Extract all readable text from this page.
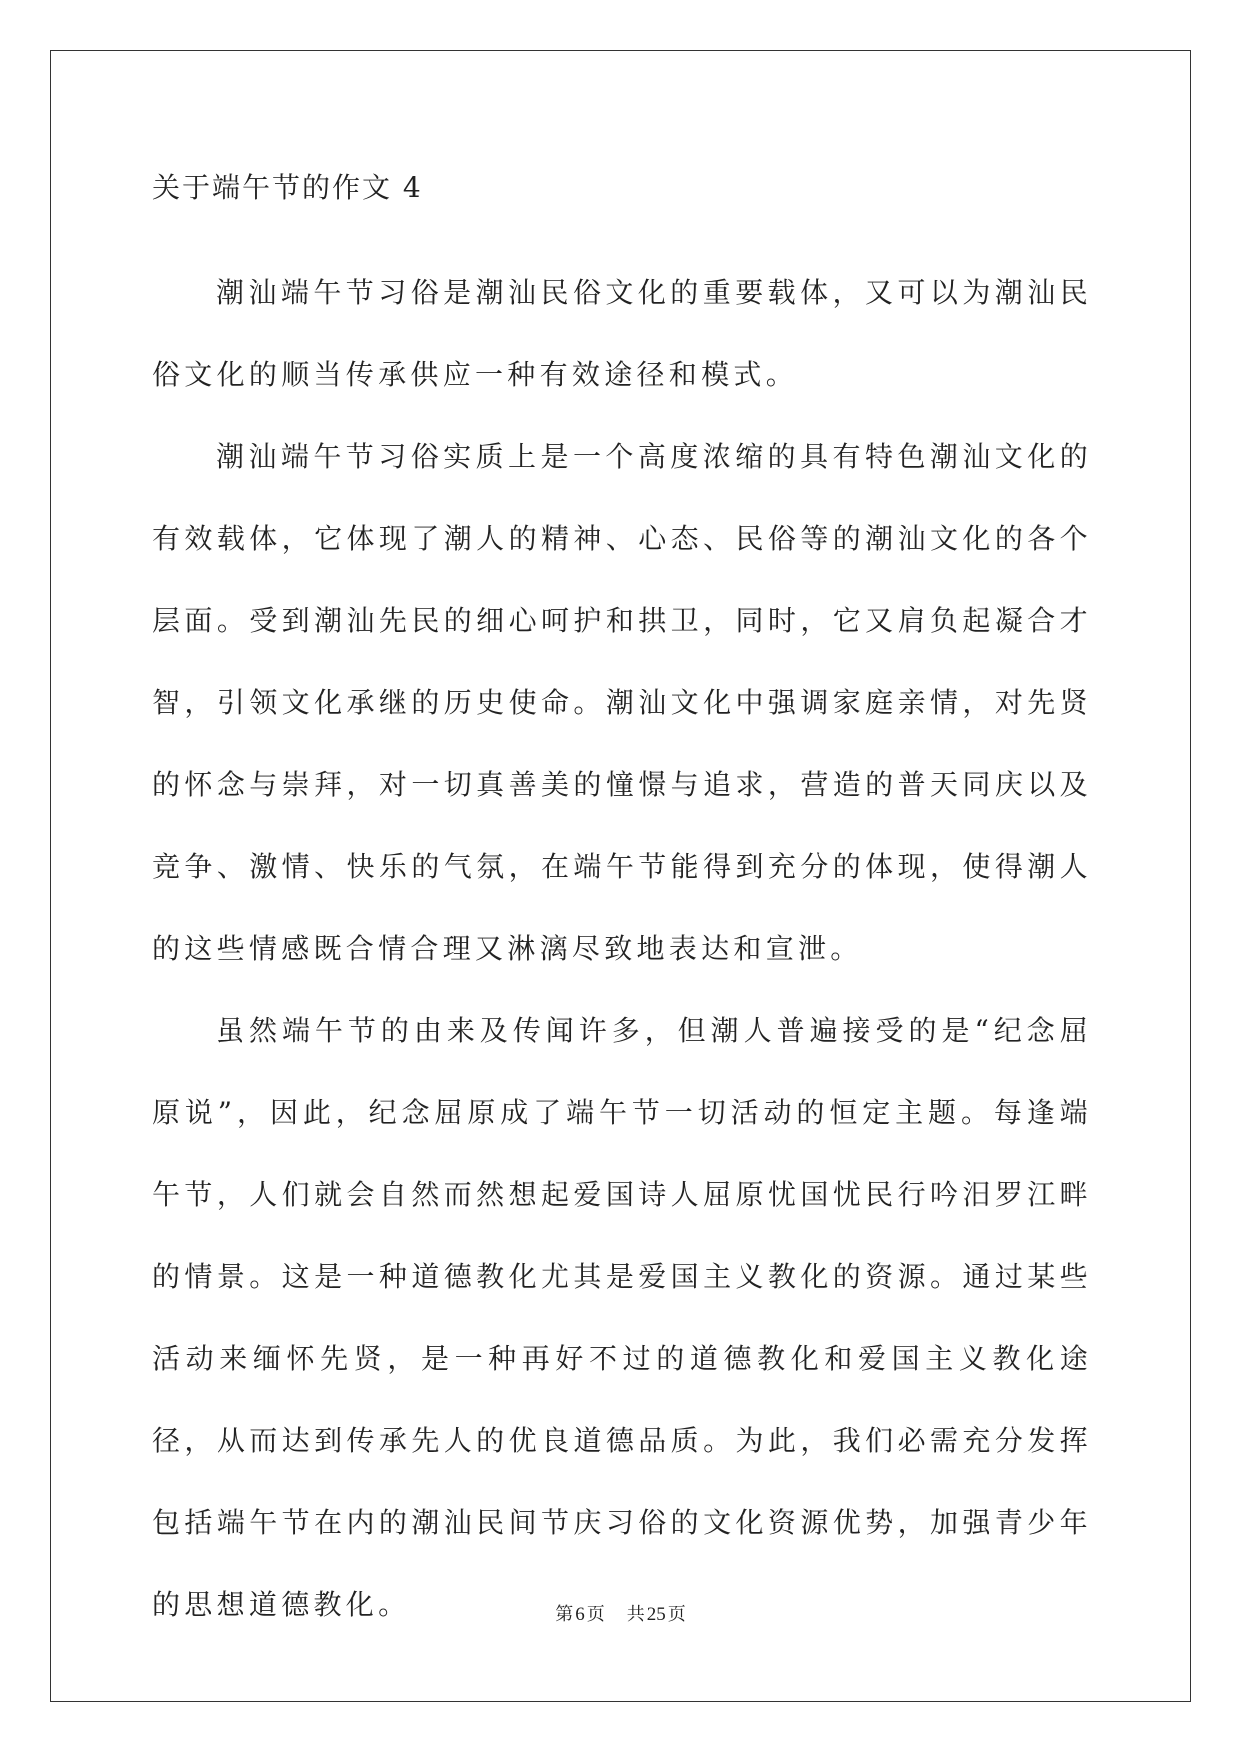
关于端午节的作文 4

潮汕端午节习俗是潮汕民俗文化的重要载体，又可以为潮汕民俗文化的顺当传承供应一种有效途径和模式。

潮汕端午节习俗实质上是一个高度浓缩的具有特色潮汕文化的有效载体，它体现了潮人的精神、心态、民俗等的潮汕文化的各个层面。受到潮汕先民的细心呵护和拱卫，同时，它又肩负起凝合才智，引领文化承继的历史使命。潮汕文化中强调家庭亲情，对先贤的怀念与崇拜，对一切真善美的憧憬与追求，营造的普天同庆以及竞争、激情、快乐的气氛，在端午节能得到充分的体现，使得潮人的这些情感既合情合理又淋漓尽致地表达和宣泄。

虽然端午节的由来及传闻许多，但潮人普遍接受的是“纪念屈原说”，因此，纪念屈原成了端午节一切活动的恒定主题。每逢端午节，人们就会自然而然想起爱国诗人屈原忧国忧民行吟汨罗江畔的情景。这是一种道德教化尤其是爱国主义教化的资源。通过某些活动来缅怀先贤，是一种再好不过的道德教化和爱国主义教化途径，从而达到传承先人的优良道德品质。为此，我们必需充分发挥包括端午节在内的潮汕民间节庆习俗的文化资源优势，加强青少年的思想道德教化。	第 6 页 共 25 页
